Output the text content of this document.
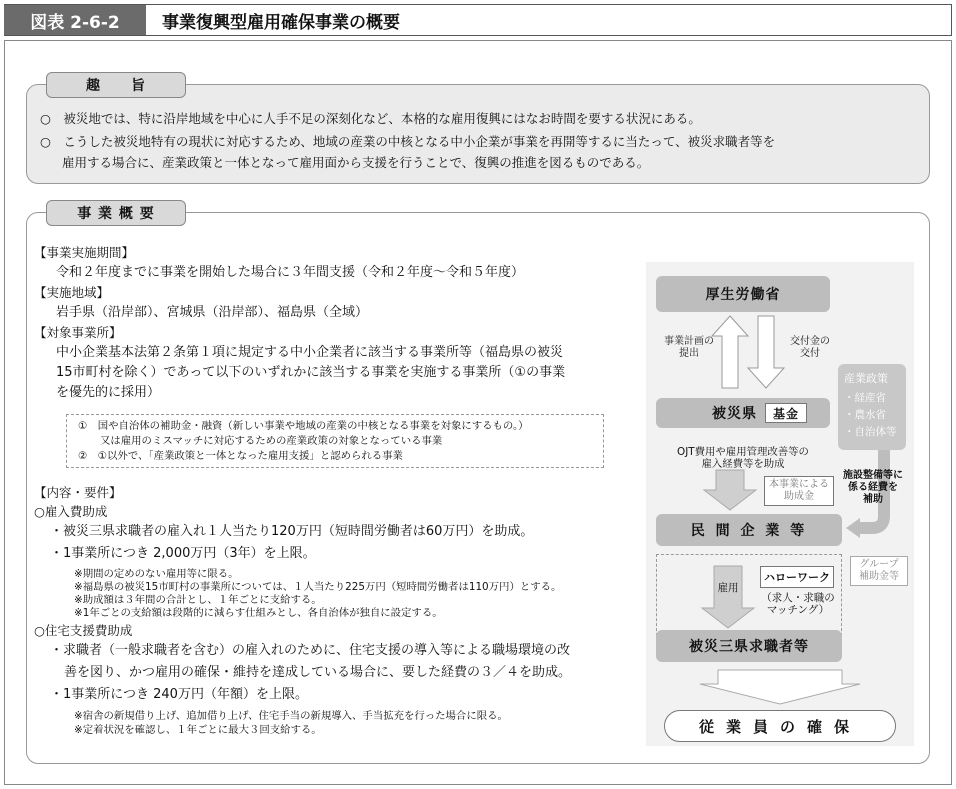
図表 2-6-2	事業復興型雇用確保事業の概要
趣　　旨
○　被災地では、特に沿岸地域を中心に人手不足の深刻化など、本格的な雇用復興にはなお時間を要する状況にある。
○　こうした被災地特有の現状に対応するため、地域の産業の中核となる中小企業が事業を再開等するに当たって、被災求職者等を
雇用する場合に、産業政策と一体となって雇用面から支援を行うことで、復興の推進を図るものである。
事 業 概 要
【事業実施期間】
令和２年度までに事業を開始した場合に３年間支援（令和２年度〜令和５年度）
【実施地域】
岩手県（沿岸部）、宮城県（沿岸部）、福島県（全域）
【対象事業所】
中小企業基本法第２条第１項に規定する中小企業者に該当する事業所等（福島県の被災
15市町村を除く）であって以下のいずれかに該当する事業を実施する事業所（①の事業
を優先的に採用）
①　国や自治体の補助金・融資（新しい事業や地域の産業の中核となる事業を対象にするもの。）
又は雇用のミスマッチに対応するための産業政策の対象となっている事業
②　①以外で、「産業政策と一体となった雇用支援」と認められる事業
【内容・要件】
○雇入費助成
・被災三県求職者の雇入れ１人当たり120万円（短時間労働者は60万円）を助成。
・1事業所につき 2,000万円（3年）を上限。
※期間の定めのない雇用等に限る。
※福島県の被災15市町村の事業所については、１人当たり225万円（短時間労働者は110万円）とする。
※助成額は３年間の合計とし、１年ごとに支給する。
※1年ごとの支給額は段階的に減らす仕組みとし、各自治体が独自に設定する。
○住宅支援費助成
・求職者（一般求職者を含む）の雇入れのために、住宅支援の導入等による職場環境の改
善を図り、かつ雇用の確保・維持を達成している場合に、要した経費の３／４を助成。
・1事業所につき 240万円（年額）を上限。
※宿舎の新規借り上げ、追加借り上げ、住宅手当の新規導入、手当拡充を行った場合に限る。
※定着状況を確認し、１年ごとに最大３回支給する。
厚生労働省
事業計画の
提出
交付金の
交付
産業政策
・経産省
・農水省
・自治体等
被災県	基金
OJT費用や雇用管理改善等の
雇入経費等を助成
本事業による
助成金
施設整備等に
係る経費を
補助
民 間 企 業 等
グループ
補助金等
雇用
ハローワーク
（求人・求職の
マッチング）
被災三県求職者等
従業員の確保
